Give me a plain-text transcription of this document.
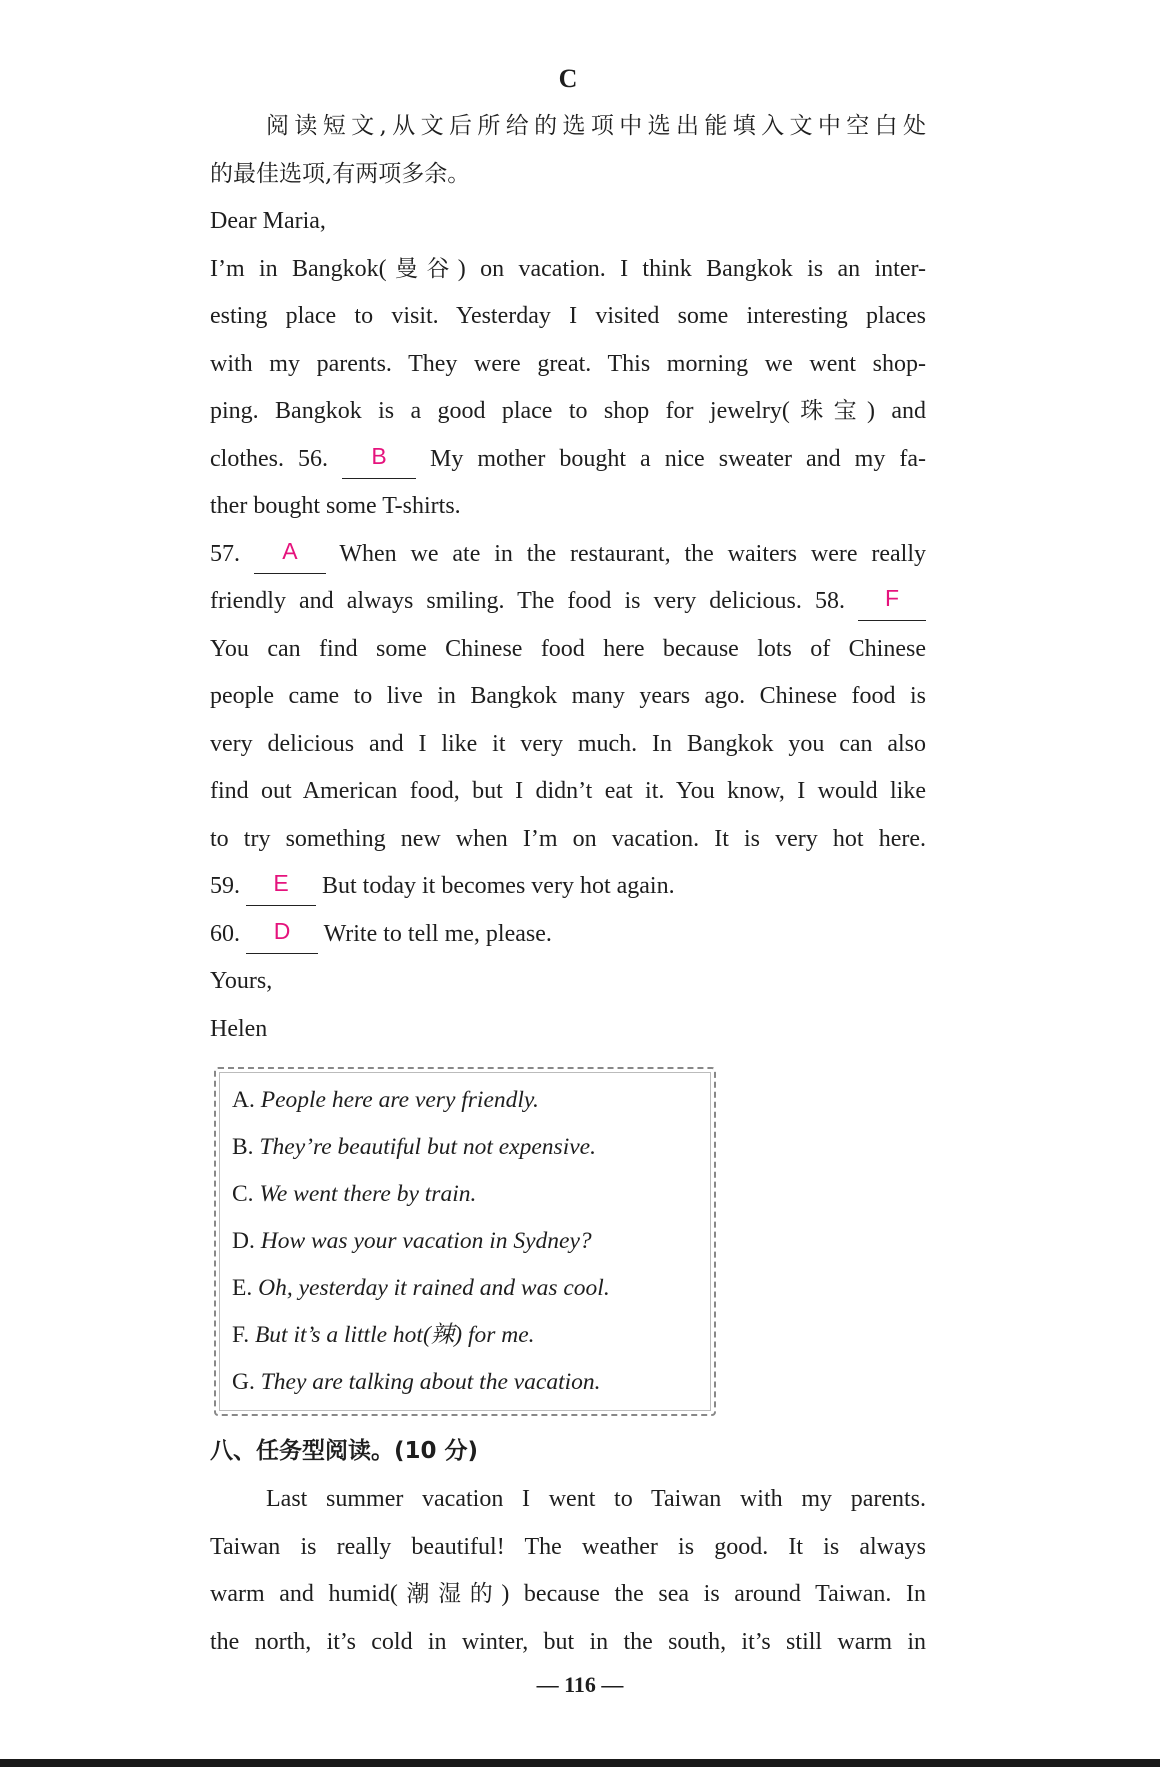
C
阅读短文,从文后所给的选项中选出能填入文中空白处
的最佳选项,有两项多余。
Dear Maria,
I’m in Bangkok(曼谷) on vacation. I think Bangkok is an inter-
esting place to visit. Yesterday I visited some interesting places
with my parents. They were great. This morning we went shop-
ping. Bangkok is a good place to shop for jewelry(珠宝) and
clothes. 56. B My mother bought a nice sweater and my fa-
ther bought some T-shirts.
57. A When we ate in the restaurant, the waiters were really
friendly and always smiling. The food is very delicious. 58. F
You can find some Chinese food here because lots of Chinese
people came to live in Bangkok many years ago. Chinese food is
very delicious and I like it very much. In Bangkok you can also
find out American food, but I didn’t eat it. You know, I would like
to try something new when I’m on vacation. It is very hot here.
59. E But today it becomes very hot again.
60. D Write to tell me, please.
Yours,
Helen
A. People here are very friendly.
B. They’re beautiful but not expensive.
C. We went there by train.
D. How was your vacation in Sydney?
E. Oh, yesterday it rained and was cool.
F. But it’s a little hot(辣) for me.
G. They are talking about the vacation.
八、任务型阅读。(10 分)
Last summer vacation I went to Taiwan with my parents.
Taiwan is really beautiful! The weather is good. It is always
warm and humid(潮湿的) because the sea is around Taiwan. In
the north, it’s cold in winter, but in the south, it’s still warm in
— 116 —
